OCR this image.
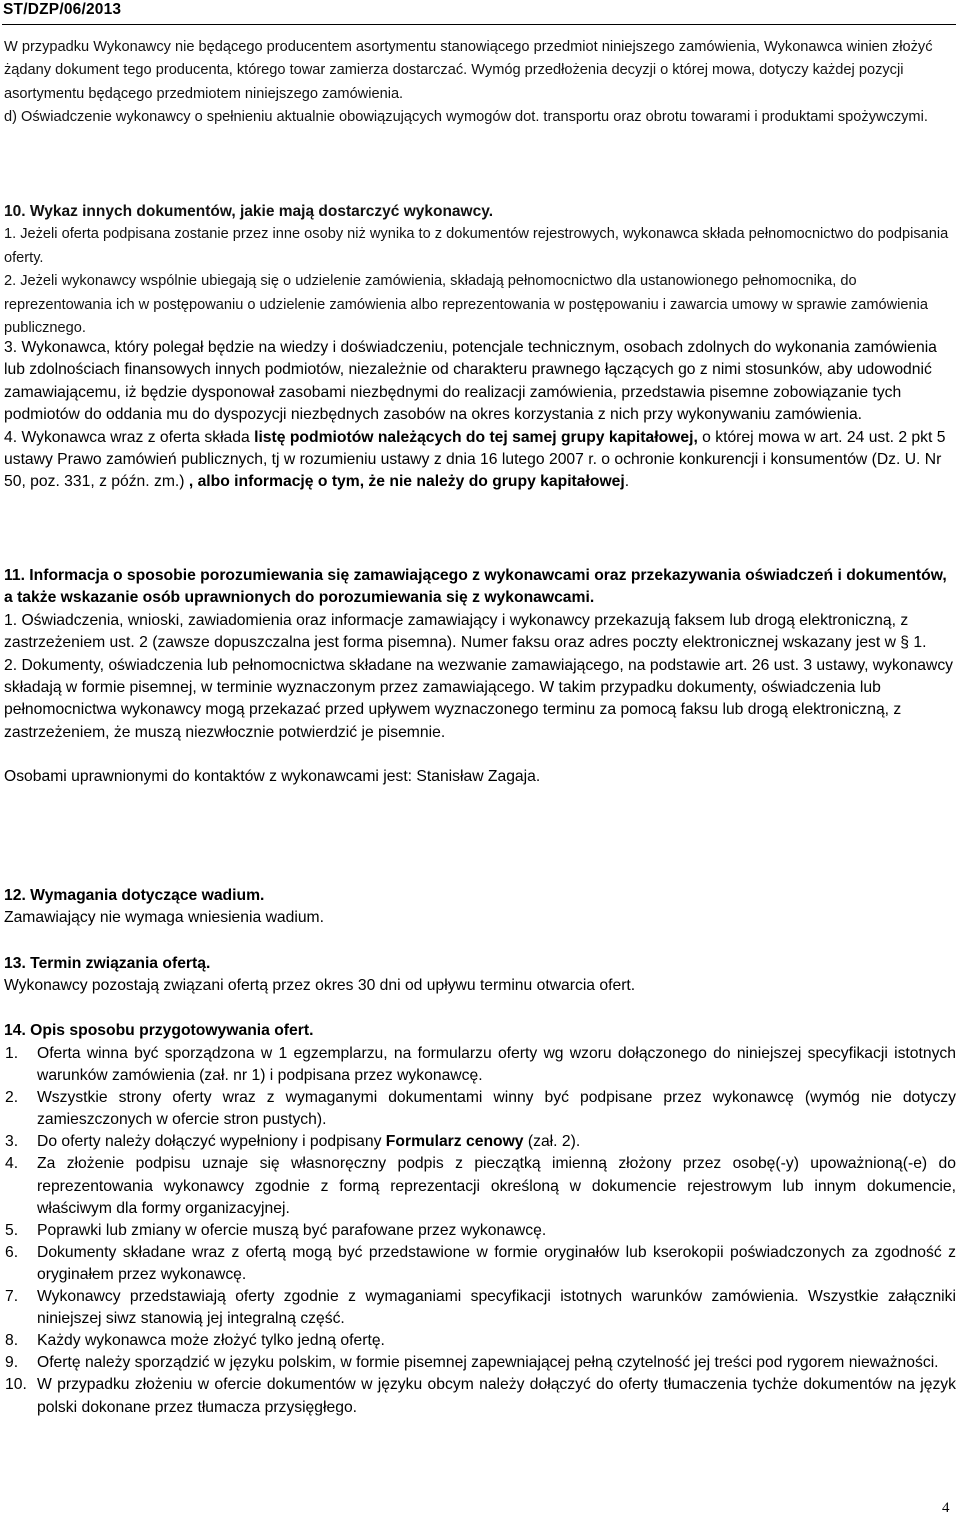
ST/DZP/06/2013

W przypadku Wykonawcy nie będącego producentem asortymentu stanowiącego przedmiot niniejszego zamówienia, Wykonawca winien złożyć żądany dokument tego producenta, którego towar zamierza dostarczać. Wymóg przedłożenia decyzji o której mowa, dotyczy każdej pozycji asortymentu będącego przedmiotem niniejszego zamówienia.

d) Oświadczenie wykonawcy o spełnieniu aktualnie obowiązujących wymogów dot. transportu oraz obrotu towarami i produktami spożywczymi.

10. Wykaz innych dokumentów, jakie mają dostarczyć wykonawcy.

1. Jeżeli oferta podpisana zostanie przez inne osoby niż wynika to z dokumentów rejestrowych, wykonawca składa pełnomocnictwo do podpisania oferty.

2. Jeżeli wykonawcy wspólnie ubiegają się o udzielenie zamówienia, składają pełnomocnictwo dla ustanowionego pełnomocnika, do reprezentowania ich w postępowaniu o udzielenie zamówienia albo reprezentowania w postępowaniu i zawarcia umowy w sprawie zamówienia publicznego.

3. Wykonawca, który polegał będzie na wiedzy i doświadczeniu, potencjale technicznym, osobach zdolnych do wykonania zamówienia lub zdolnościach finansowych innych podmiotów, niezależnie od charakteru prawnego łączących go z nimi stosunków, aby udowodnić zamawiającemu, iż będzie dysponował zasobami niezbędnymi do realizacji zamówienia, przedstawia pisemne zobowiązanie tych podmiotów do oddania mu do dyspozycji niezbędnych zasobów na okres korzystania z nich przy wykonywaniu zamówienia.

4. Wykonawca wraz z oferta składa listę podmiotów należących do tej samej grupy kapitałowej, o której mowa w art. 24 ust. 2 pkt 5 ustawy Prawo zamówień publicznych, tj w rozumieniu ustawy z dnia 16 lutego 2007 r. o ochronie konkurencji i konsumentów (Dz. U. Nr 50, poz. 331, z późn. zm.) , albo informację o tym, że nie należy do grupy kapitałowej.

11. Informacja o sposobie porozumiewania się zamawiającego z wykonawcami oraz przekazywania oświadczeń i dokumentów, a także wskazanie osób uprawnionych do porozumiewania się z wykonawcami.

1. Oświadczenia, wnioski, zawiadomienia oraz informacje zamawiający i wykonawcy przekazują faksem lub drogą elektroniczną, z zastrzeżeniem ust. 2 (zawsze dopuszczalna jest forma pisemna). Numer faksu oraz adres poczty elektronicznej wskazany jest w § 1.

2. Dokumenty, oświadczenia lub pełnomocnictwa składane na wezwanie zamawiającego, na podstawie art. 26 ust. 3 ustawy, wykonawcy składają w formie pisemnej, w terminie wyznaczonym przez zamawiającego. W takim przypadku dokumenty, oświadczenia lub pełnomocnictwa wykonawcy mogą przekazać przed upływem wyznaczonego terminu za pomocą faksu lub drogą elektroniczną, z zastrzeżeniem, że muszą niezwłocznie potwierdzić je pisemnie.

Osobami uprawnionymi do kontaktów z wykonawcami jest: Stanisław Zagaja.

12. Wymagania dotyczące wadium.

Zamawiający nie wymaga wniesienia wadium.

13. Termin związania ofertą.

Wykonawcy pozostają związani ofertą przez okres 30 dni od upływu terminu otwarcia ofert.

14. Opis sposobu przygotowywania ofert.

1. Oferta winna być sporządzona w 1 egzemplarzu, na formularzu oferty wg wzoru dołączonego do niniejszej specyfikacji istotnych warunków zamówienia (zał. nr 1) i podpisana przez wykonawcę.
2. Wszystkie strony oferty wraz z wymaganymi dokumentami winny być podpisane przez wykonawcę (wymóg nie dotyczy zamieszczonych w ofercie stron pustych).
3. Do oferty należy dołączyć wypełniony i podpisany Formularz cenowy (zał. 2).
4. Za złożenie podpisu uznaje się własnoręczny podpis z pieczątką imienną złożony przez osobę(-y) upoważnioną(-e) do reprezentowania wykonawcy zgodnie z formą reprezentacji określoną w dokumencie rejestrowym lub innym dokumencie, właściwym dla formy organizacyjnej.
5. Poprawki lub zmiany w ofercie muszą być parafowane przez wykonawcę.
6. Dokumenty składane wraz z ofertą mogą być przedstawione w formie oryginałów lub kserokopii poświadczonych za zgodność z oryginałem przez wykonawcę.
7. Wykonawcy przedstawiają oferty zgodnie z wymaganiami specyfikacji istotnych warunków zamówienia. Wszystkie załączniki niniejszej siwz stanowią jej integralną część.
8. Każdy wykonawca może złożyć tylko jedną ofertę.
9. Ofertę należy sporządzić w języku polskim, w formie pisemnej zapewniającej pełną czytelność jej treści pod rygorem nieważności.
10. W przypadku złożeniu w ofercie dokumentów w języku obcym należy dołączyć do oferty tłumaczenia tychże dokumentów na język polski dokonane przez tłumacza przysięgłego.
4
